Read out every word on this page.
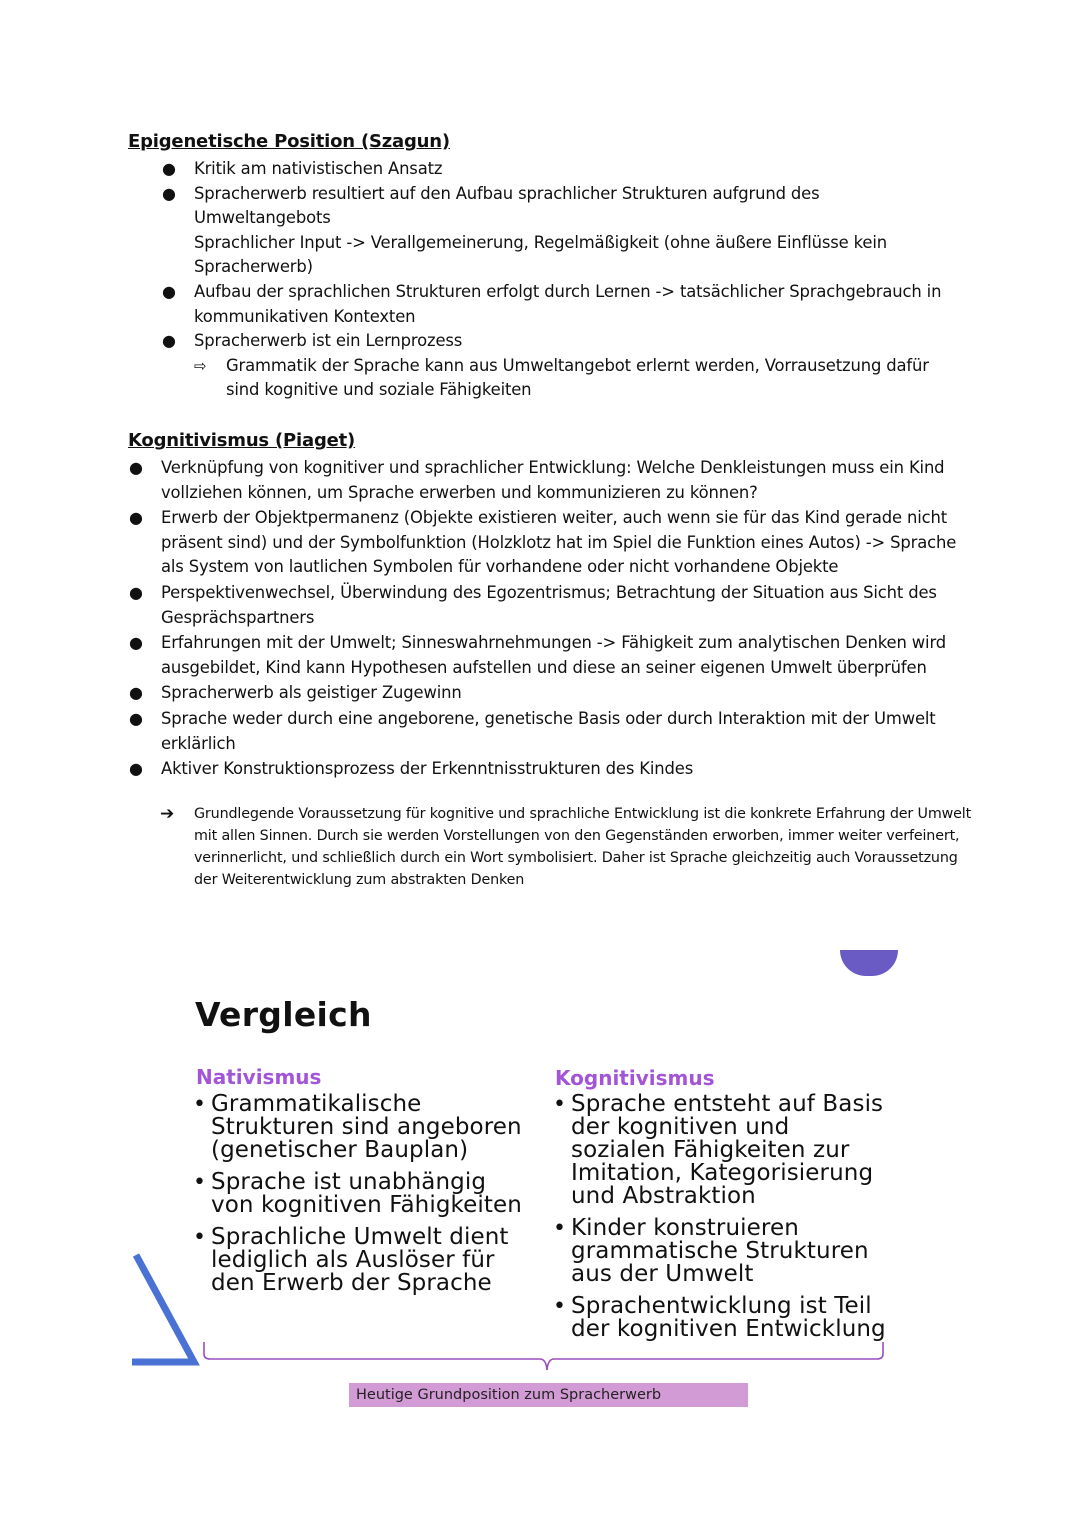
Epigenetische Position (Szagun)
● Kritik am nativistischen Ansatz
● Spracherwerb resultiert auf den Aufbau sprachlicher Strukturen aufgrund des Umweltangebots
Sprachlicher Input -> Verallgemeinerung, Regelmäßigkeit (ohne äußere Einflüsse kein Spracherwerb)
● Aufbau der sprachlichen Strukturen erfolgt durch Lernen -> tatsächlicher Sprachgebrauch in kommunikativen Kontexten
● Spracherwerb ist ein Lernprozess
⇨ Grammatik der Sprache kann aus Umweltangebot erlernt werden, Vorrausetzung dafür sind kognitive und soziale Fähigkeiten
Kognitivismus (Piaget)
● Verknüpfung von kognitiver und sprachlicher Entwicklung: Welche Denkleistungen muss ein Kind vollziehen können, um Sprache erwerben und kommunizieren zu können?
● Erwerb der Objektpermanenz (Objekte existieren weiter, auch wenn sie für das Kind gerade nicht präsent sind) und der Symbolfunktion (Holzklotz hat im Spiel die Funktion eines Autos) -> Sprache als System von lautlichen Symbolen für vorhandene oder nicht vorhandene Objekte
● Perspektivenwechsel, Überwindung des Egozentrismus; Betrachtung der Situation aus Sicht des Gesprächspartners
● Erfahrungen mit der Umwelt; Sinneswahrnehmungen -> Fähigkeit zum analytischen Denken wird ausgebildet, Kind kann Hypothesen aufstellen und diese an seiner eigenen Umwelt überprüfen
● Spracherwerb als geistiger Zugewinn
● Sprache weder durch eine angeborene, genetische Basis oder durch Interaktion mit der Umwelt erklärlich
● Aktiver Konstruktionsprozess der Erkenntnisstrukturen des Kindes
➔ Grundlegende Voraussetzung für kognitive und sprachliche Entwicklung ist die konkrete Erfahrung der Umwelt mit allen Sinnen. Durch sie werden Vorstellungen von den Gegenständen erworben, immer weiter verfeinert, verinnerlicht, und schließlich durch ein Wort symbolisiert. Daher ist Sprache gleichzeitig auch Voraussetzung der Weiterentwicklung zum abstrakten Denken
Vergleich
Nativismus
• Grammatikalische Strukturen sind angeboren (genetischer Bauplan)
• Sprache ist unabhängig von kognitiven Fähigkeiten
• Sprachliche Umwelt dient lediglich als Auslöser für den Erwerb der Sprache
Kognitivismus
• Sprache entsteht auf Basis der kognitiven und sozialen Fähigkeiten zur Imitation, Kategorisierung und Abstraktion
• Kinder konstruieren grammatische Strukturen aus der Umwelt
• Sprachentwicklung ist Teil der kognitiven Entwicklung
Heutige Grundposition zum Spracherwerb
